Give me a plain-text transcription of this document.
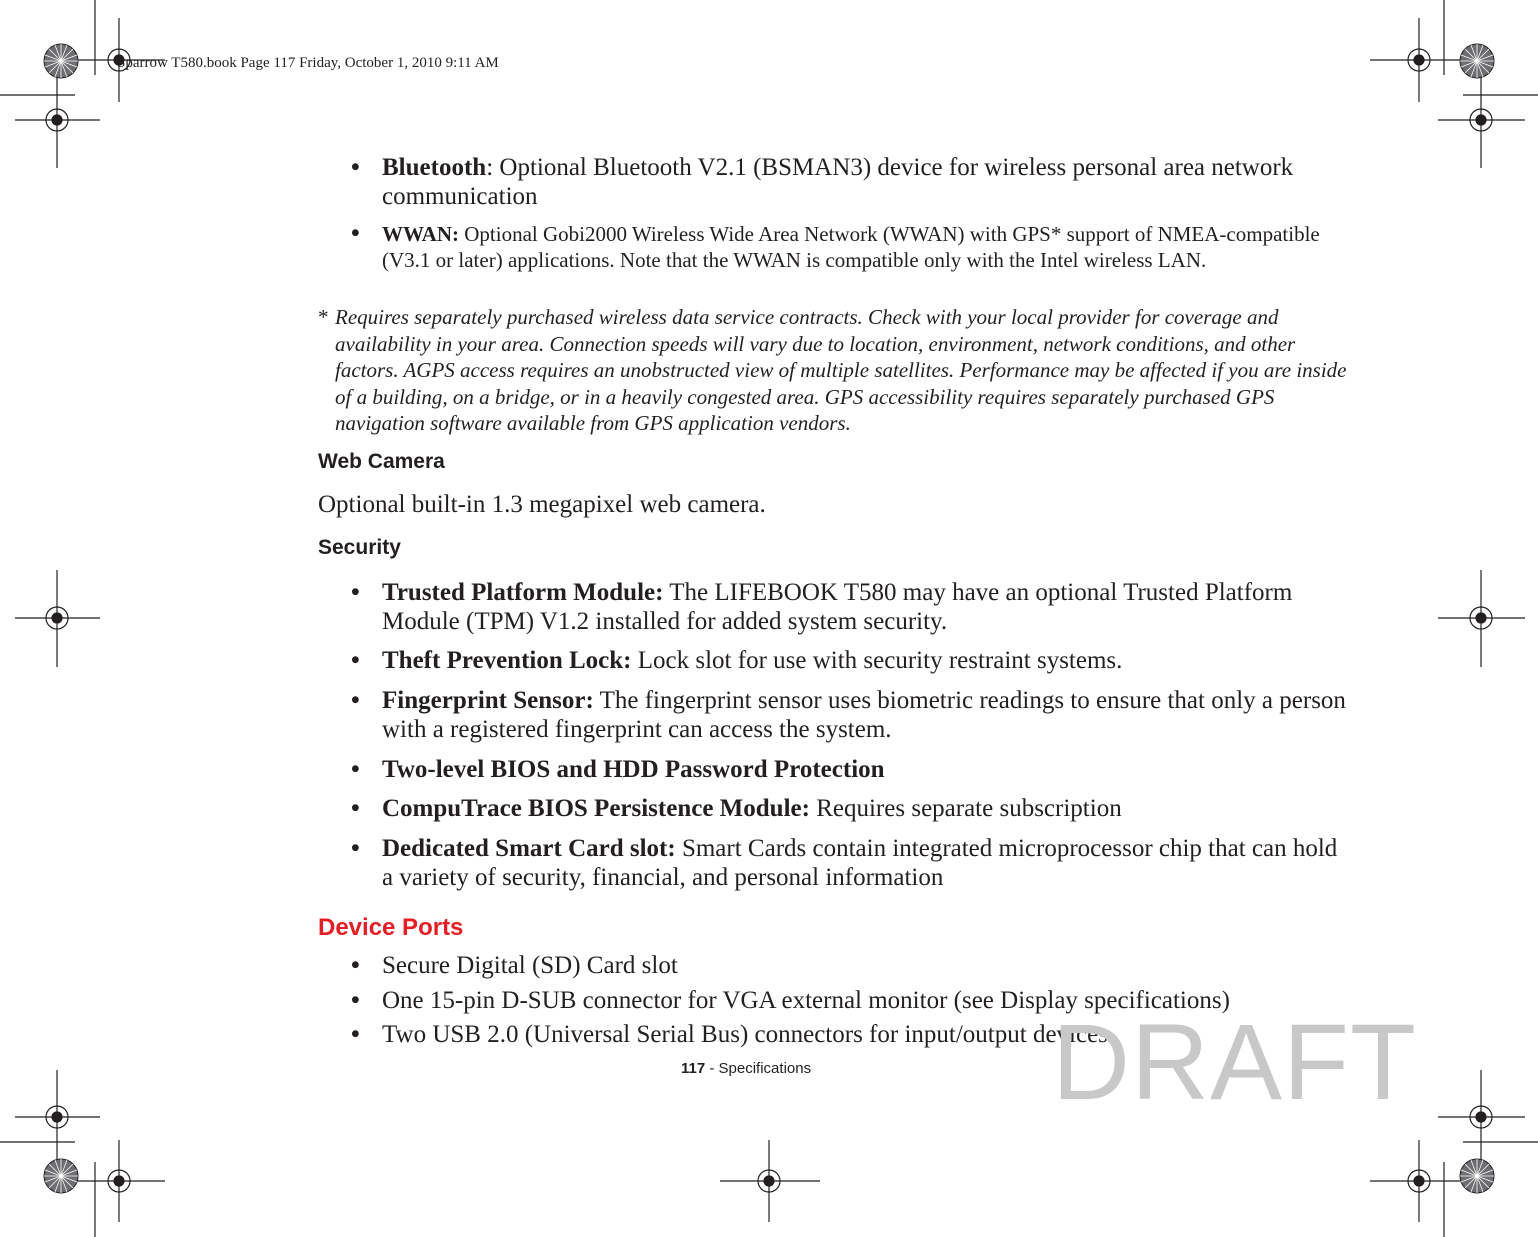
Sparrow T580.book Page 117 Friday, October 1, 2010 9:11 AM
• Bluetooth: Optional Bluetooth V2.1 (BSMAN3) device for wireless personal area network communication
• WWAN: Optional Gobi2000 Wireless Wide Area Network (WWAN) with GPS* support of NMEA-compatible (V3.1 or later) applications. Note that the WWAN is compatible only with the Intel wireless LAN.
* Requires separately purchased wireless data service contracts. Check with your local provider for coverage and availability in your area. Connection speeds will vary due to location, environment, network conditions, and other factors. AGPS access requires an unobstructed view of multiple satellites. Performance may be affected if you are inside of a building, on a bridge, or in a heavily congested area. GPS accessibility requires separately purchased GPS navigation software available from GPS application vendors.
Web Camera
Optional built-in 1.3 megapixel web camera.
Security
• Trusted Platform Module: The LIFEBOOK T580 may have an optional Trusted Platform Module (TPM) V1.2 installed for added system security.
• Theft Prevention Lock: Lock slot for use with security restraint systems.
• Fingerprint Sensor: The fingerprint sensor uses biometric readings to ensure that only a person with a registered fingerprint can access the system.
• Two-level BIOS and HDD Password Protection
• CompuTrace BIOS Persistence Module: Requires separate subscription
• Dedicated Smart Card slot: Smart Cards contain integrated microprocessor chip that can hold a variety of security, financial, and personal information
Device Ports
• Secure Digital (SD) Card slot
• One 15-pin D-SUB connector for VGA external monitor (see Display specifications)
• Two USB 2.0 (Universal Serial Bus) connectors for input/output devices
117 - Specifications DRAFT
